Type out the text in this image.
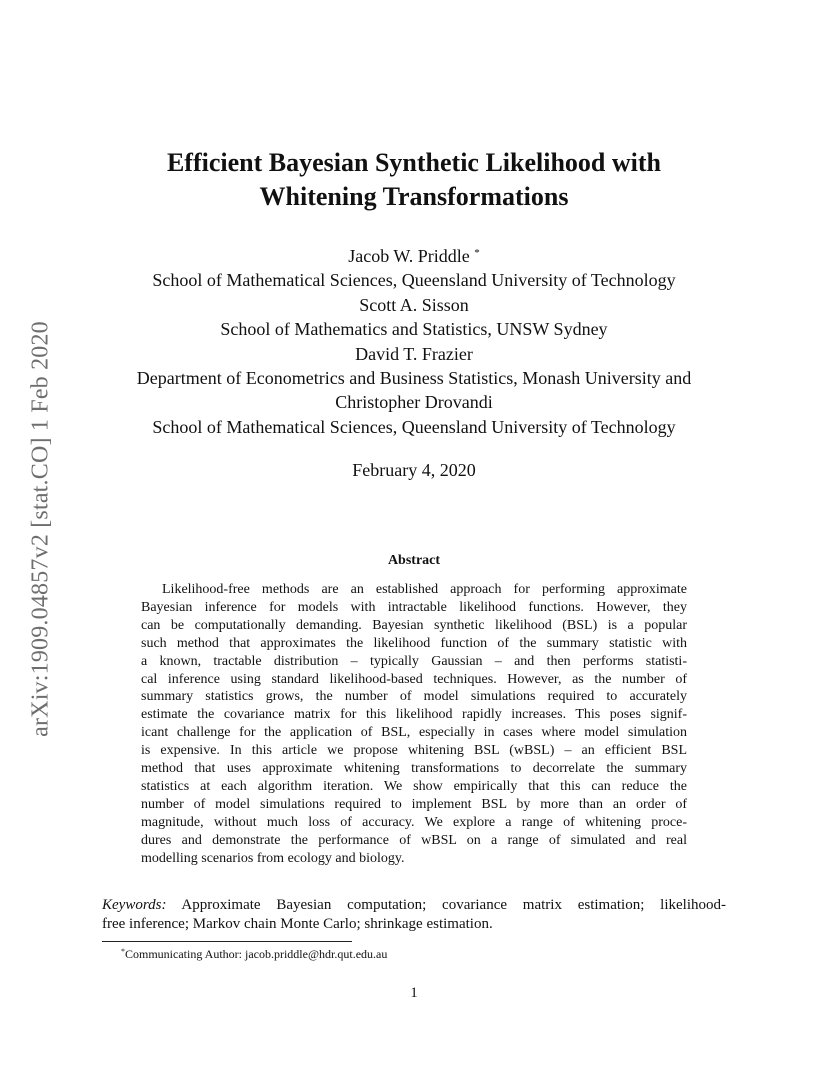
arXiv:1909.04857v2 [stat.CO] 1 Feb 2020
Efficient Bayesian Synthetic Likelihood with
Whitening Transformations
Jacob W. Priddle *
School of Mathematical Sciences, Queensland University of Technology
Scott A. Sisson
School of Mathematics and Statistics, UNSW Sydney
David T. Frazier
Department of Econometrics and Business Statistics, Monash University and
Christopher Drovandi
School of Mathematical Sciences, Queensland University of Technology
February 4, 2020
Abstract
Likelihood-free methods are an established approach for performing approximate
Bayesian inference for models with intractable likelihood functions. However, they
can be computationally demanding. Bayesian synthetic likelihood (BSL) is a popular
such method that approximates the likelihood function of the summary statistic with
a known, tractable distribution – typically Gaussian – and then performs statisti-
cal inference using standard likelihood-based techniques. However, as the number of
summary statistics grows, the number of model simulations required to accurately
estimate the covariance matrix for this likelihood rapidly increases. This poses signif-
icant challenge for the application of BSL, especially in cases where model simulation
is expensive. In this article we propose whitening BSL (wBSL) – an efficient BSL
method that uses approximate whitening transformations to decorrelate the summary
statistics at each algorithm iteration. We show empirically that this can reduce the
number of model simulations required to implement BSL by more than an order of
magnitude, without much loss of accuracy. We explore a range of whitening proce-
dures and demonstrate the performance of wBSL on a range of simulated and real
modelling scenarios from ecology and biology.
Keywords: Approximate Bayesian computation; covariance matrix estimation; likelihood-
free inference; Markov chain Monte Carlo; shrinkage estimation.
*Communicating Author: jacob.priddle@hdr.qut.edu.au
1
